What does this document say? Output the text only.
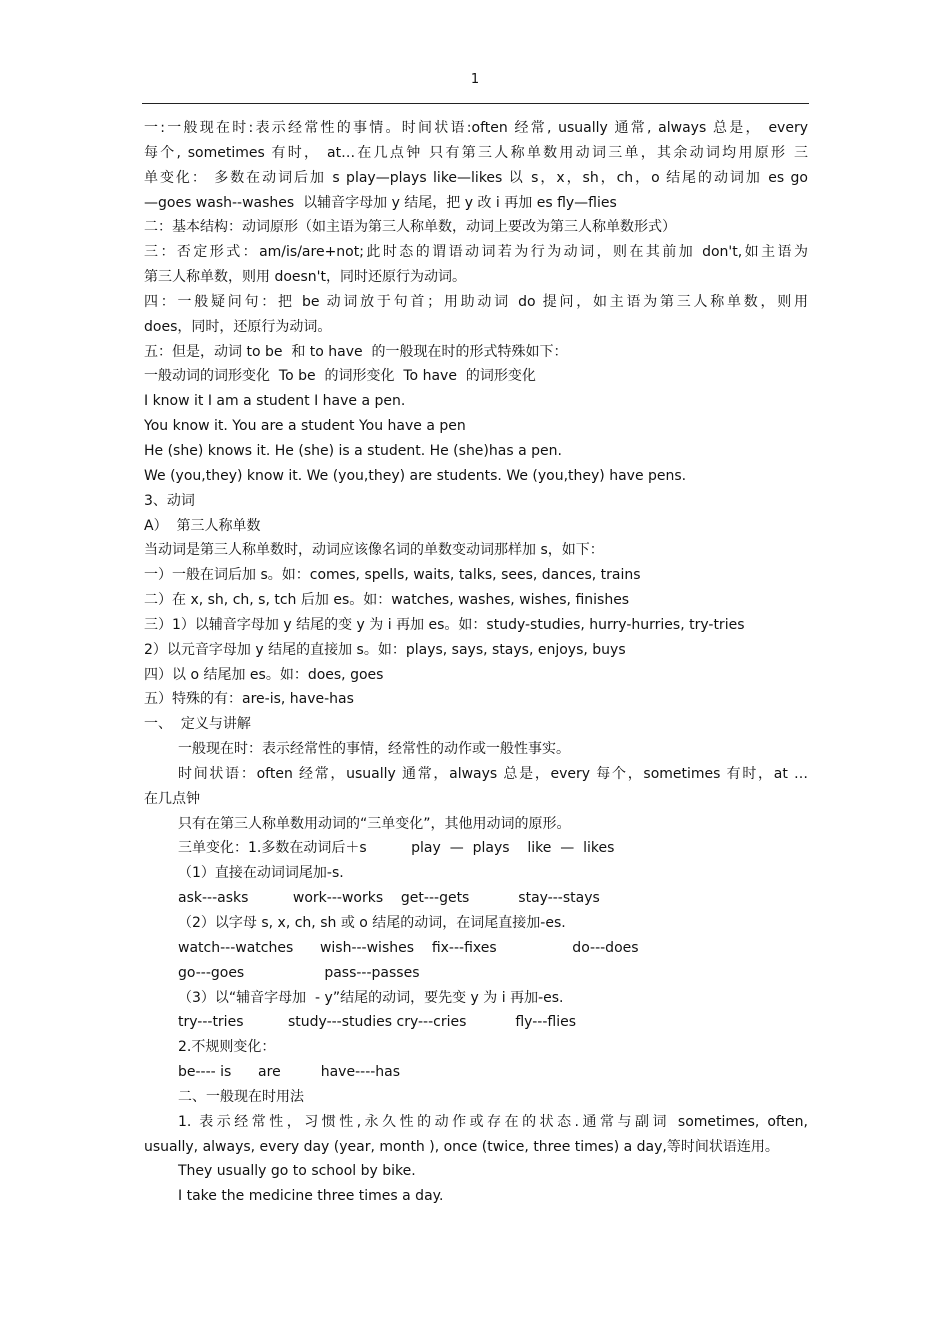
1
一:一般现在时:表示经常性的事情。时间状语:often 经常, usually 通常, always 总是， every
每个, sometimes 有时， at…在几点钟 只有第三人称单数用动词三单，其余动词均用原形 三
单变化： 多数在动词后加 s play—plays like—likes 以 s，x，sh，ch，o 结尾的动词加 es go
—goes wash--washes  以辅音字母加 y 结尾，把 y 改 i 再加 es fly—flies
二：基本结构：动词原形（如主语为第三人称单数，动词上要改为第三人称单数形式）
三：否定形式：am/is/are+not;此时态的谓语动词若为行为动词，则在其前加 don't,如主语为
第三人称单数，则用 doesn't，同时还原行为动词。
四：一般疑问句：把 be 动词放于句首；用助动词 do 提问，如主语为第三人称单数，则用
does，同时，还原行为动词。
五：但是，动词 to be  和 to have  的一般现在时的形式特殊如下：
一般动词的词形变化  To be  的词形变化  To have  的词形变化
I know it I am a student I have a pen.
You know it. You are a student You have a pen
He (she) knows it. He (she) is a student. He (she)has a pen.
We (you,they) know it. We (you,they) are students. We (you,they) have pens.
3、动词
A）  第三人称单数
当动词是第三人称单数时，动词应该像名词的单数变动词那样加 s，如下：
一）一般在词后加 s。如：comes, spells, waits, talks, sees, dances, trains
二）在 x, sh, ch, s, tch 后加 es。如：watches, washes, wishes, finishes
三）1）以辅音字母加 y 结尾的变 y 为 i 再加 es。如：study-studies, hurry-hurries, try-tries
2）以元音字母加 y 结尾的直接加 s。如：plays, says, stays, enjoys, buys
四）以 o 结尾加 es。如：does, goes
五）特殊的有：are-is, have-has
一、  定义与讲解
一般现在时：表示经常性的事情，经常性的动作或一般性事实。
时间状语：often 经常，usually 通常，always 总是，every 每个，sometimes 有时，at …
在几点钟
只有在第三人称单数用动词的“三单变化”，其他用动词的原形。
三单变化：1.多数在动词后＋s          play  —  plays    like  —  likes
（1）直接在动词词尾加-s.
ask---asks          work---works    get---gets           stay---stays
（2）以字母 s, x, ch, sh 或 o 结尾的动词，在词尾直接加-es.
watch---watches      wish---wishes    fix---fixes                 do---does
go---goes                  pass---passes
（3）以“辅音字母加  - y”结尾的动词，要先变 y 为 i 再加-es.
try---tries          study---studies cry---cries           fly---flies
2.不规则变化：
be---- is      are         have----has
二、一般现在时用法
1. 表示经常性，习惯性,永久性的动作或存在的状态.通常与副词 sometimes, often,
usually, always, every day (year, month ), once (twice, three times) a day,等时间状语连用。
They usually go to school by bike.
I take the medicine three times a day.
